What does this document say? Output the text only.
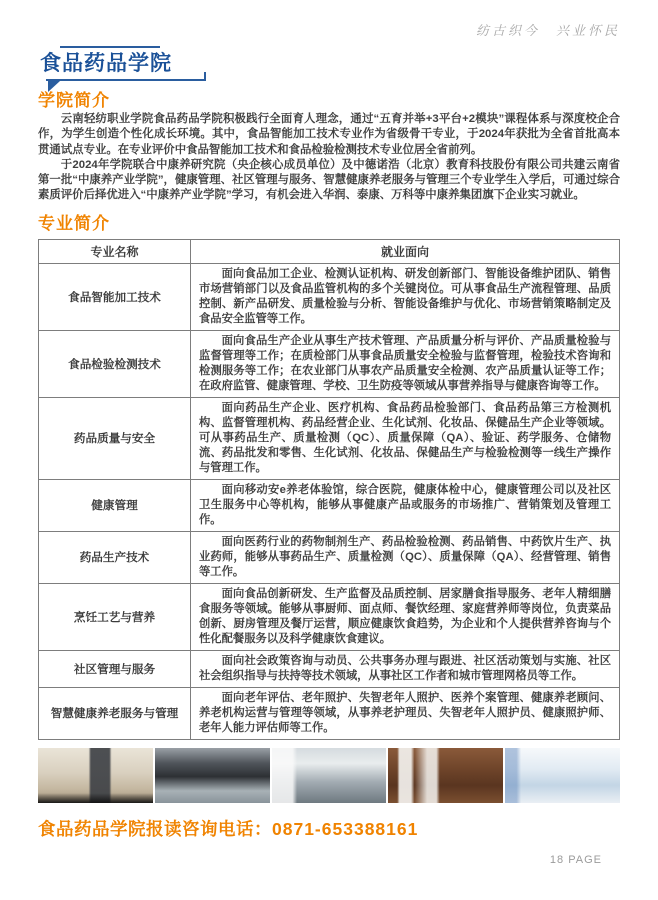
纺古织今　兴业怀民
食品药品学院
学院简介

云南轻纺职业学院食品药品学院积极践行全面育人理念，通过“五育并举+3平台+2模块”课程体系与深度校企合作，为学生创造个性化成长环境。其中，食品智能加工技术专业作为省级骨干专业，于2024年获批为全省首批高本贯通试点专业。在专业评价中食品智能加工技术和食品检验检测技术专业位居全省前列。

于2024年学院联合中康养研究院（央企核心成员单位）及中德诺浩（北京）教育科技股份有限公司共建云南省第一批“中康养产业学院”，健康管理、社区管理与服务、智慧健康养老服务与管理三个专业学生入学后，可通过综合素质评价后择优进入“中康养产业学院”学习，有机会进入华润、泰康、万科等中康养集团旗下企业实习就业。

专业简介
专业名称	就业面向
食品智能加工技术	面向食品加工企业、检测认证机构、研发创新部门、智能设备维护团队、销售市场营销部门以及食品监管机构的多个关键岗位。可从事食品生产流程管理、品质控制、新产品研发、质量检验与分析、智能设备维护与优化、市场营销策略制定及食品安全监管等工作。

食品检验检测技术	面向食品生产企业从事生产技术管理、产品质量分析与评价、产品质量检验与监督管理等工作；在质检部门从事食品质量安全检验与监督管理，检验技术咨询和检测服务等工作；在农业部门从事农产品质量安全检测、农产品质量认证等工作；在政府监管、健康管理、学校、卫生防疫等领域从事营养指导与健康咨询等工作。

药品质量与安全	面向药品生产企业、医疗机构、食品药品检验部门、食品药品第三方检测机构、监督管理机构、药品经营企业、生化试剂、化妆品、保健品生产企业等领域。可从事药品生产、质量检测（QC）、质量保障（QA）、验证、药学服务、仓储物流、药品批发和零售、生化试剂、化妆品、保健品生产与检验检测等一线生产操作与管理工作。

健康管理	面向移动安e养老体验馆，综合医院，健康体检中心，健康管理公司以及社区卫生服务中心等机构，能够从事健康产品或服务的市场推广、营销策划及管理工作。

药品生产技术	面向医药行业的药物制剂生产、药品检验检测、药品销售、中药饮片生产、执业药师，能够从事药品生产、质量检测（QC）、质量保障（QA）、经营管理、销售等工作。

烹饪工艺与营养	面向食品创新研发、生产监督及品质控制、居家膳食指导服务、老年人精细膳食服务等领域。能够从事厨师、面点师、餐饮经理、家庭营养师等岗位，负责菜品创新、厨房管理及餐厅运营，顺应健康饮食趋势，为企业和个人提供营养咨询与个性化配餐服务以及科学健康饮食建议。

社区管理与服务	面向社会政策咨询与动员、公共事务办理与跟进、社区活动策划与实施、社区社会组织指导与扶持等技术领域，从事社区工作者和城市管理网格员等工作。

智慧健康养老服务与管理	面向老年评估、老年照护、失智老年人照护、医养个案管理、健康养老顾问、养老机构运营与管理等领域，从事养老护理员、失智老年人照护员、健康照护师、老年人能力评估师等工作。

食品药品学院报读咨询电话：0871-653388161
18 PAGE
